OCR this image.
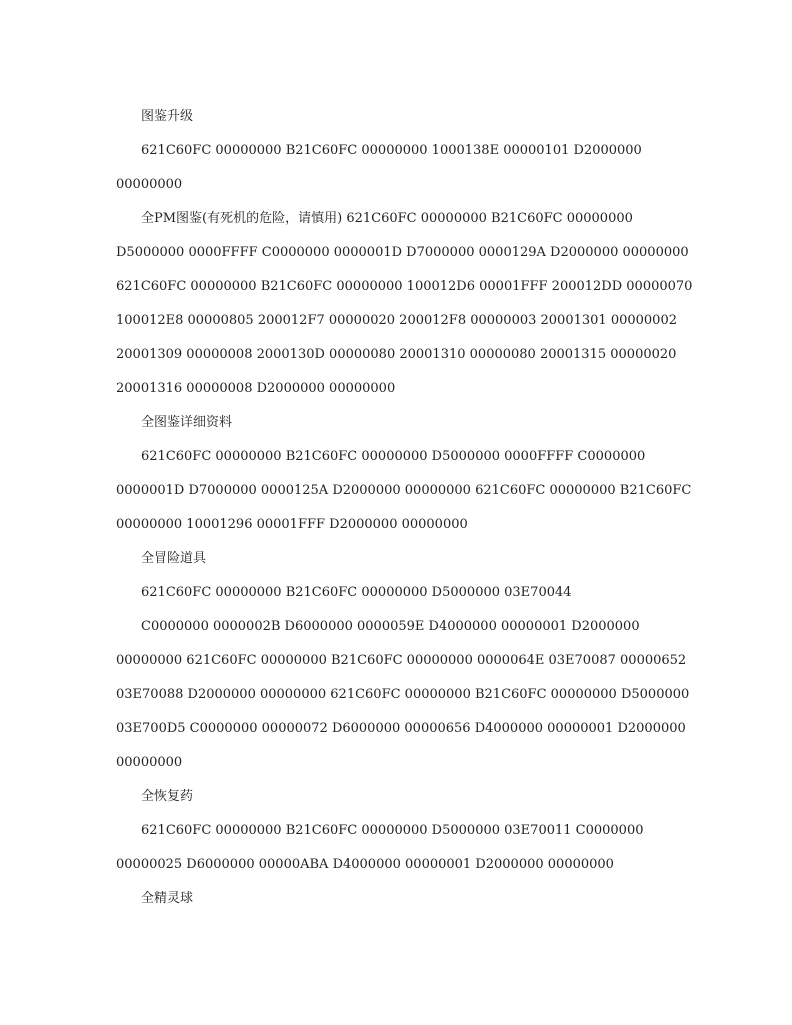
图鉴升级
621C60FC 00000000 B21C60FC 00000000 1000138E 00000101 D2000000
00000000
全PM图鉴(有死机的危险，请慎用) 621C60FC 00000000 B21C60FC 00000000
D5000000 0000FFFF C0000000 0000001D D7000000 0000129A D2000000 00000000
621C60FC 00000000 B21C60FC 00000000 100012D6 00001FFF 200012DD 00000070
100012E8 00000805 200012F7 00000020 200012F8 00000003 20001301 00000002
20001309 00000008 2000130D 00000080 20001310 00000080 20001315 00000020
20001316 00000008 D2000000 00000000
全图鉴详细资料
621C60FC 00000000 B21C60FC 00000000 D5000000 0000FFFF C0000000
0000001D D7000000 0000125A D2000000 00000000 621C60FC 00000000 B21C60FC
00000000 10001296 00001FFF D2000000 00000000
全冒险道具
621C60FC 00000000 B21C60FC 00000000 D5000000 03E70044
C0000000 0000002B D6000000 0000059E D4000000 00000001 D2000000
00000000 621C60FC 00000000 B21C60FC 00000000 0000064E 03E70087 00000652
03E70088 D2000000 00000000 621C60FC 00000000 B21C60FC 00000000 D5000000
03E700D5 C0000000 00000072 D6000000 00000656 D4000000 00000001 D2000000
00000000
全恢复药
621C60FC 00000000 B21C60FC 00000000 D5000000 03E70011 C0000000
00000025 D6000000 00000ABA D4000000 00000001 D2000000 00000000
全精灵球
